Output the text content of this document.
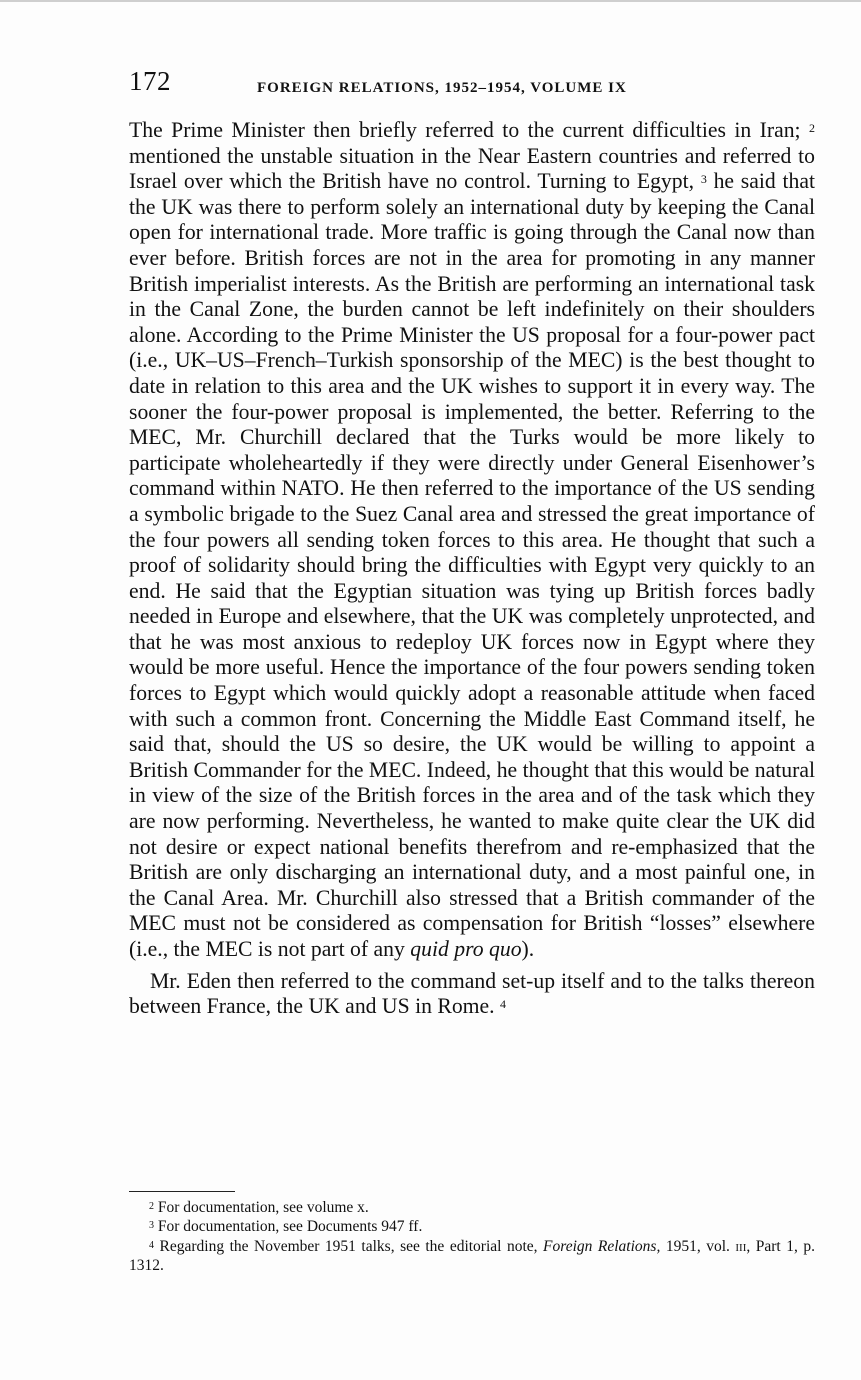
172	FOREIGN RELATIONS, 1952–1954, VOLUME IX

The Prime Minister then briefly referred to the current difficulties in Iran; $^2$ mentioned the unstable situation in the Near Eastern countries and referred to Israel over which the British have no control. Turning to Egypt, $^3$ he said that the UK was there to perform solely an international duty by keeping the Canal open for international trade. More traffic is going through the Canal now than ever before. British forces are not in the area for promoting in any manner British imperialist interests. As the British are performing an international task in the Canal Zone, the burden cannot be left indefinitely on their shoulders alone. According to the Prime Minister the US proposal for a four-power pact (i.e., UK–US–French–Turkish sponsorship of the MEC) is the best thought to date in relation to this area and the UK wishes to support it in every way. The sooner the four-power proposal is implemented, the better. Referring to the MEC, Mr. Churchill declared that the Turks would be more likely to participate wholeheartedly if they were directly under General Eisenhower’s command within NATO. He then referred to the importance of the US sending a symbolic brigade to the Suez Canal area and stressed the great importance of the four powers all sending token forces to this area. He thought that such a proof of solidarity should bring the difficulties with Egypt very quickly to an end. He said that the Egyptian situation was tying up British forces badly needed in Europe and elsewhere, that the UK was completely unprotected, and that he was most anxious to redeploy UK forces now in Egypt where they would be more useful. Hence the importance of the four powers sending token forces to Egypt which would quickly adopt a reasonable attitude when faced with such a common front. Concerning the Middle East Command itself, he said that, should the US so desire, the UK would be willing to appoint a British Commander for the MEC. Indeed, he thought that this would be natural in view of the size of the British forces in the area and of the task which they are now performing. Nevertheless, he wanted to make quite clear the UK did not desire or expect national benefits therefrom and re-emphasized that the British are only discharging an international duty, and a most painful one, in the Canal Area. Mr. Churchill also stressed that a British commander of the MEC must not be considered as compensation for British “losses” elsewhere (i.e., the MEC is not part of any quid pro quo).

Mr. Eden then referred to the command set-up itself and to the talks thereon between France, the UK and US in Rome. $^4$

$^2$ For documentation, see volume x.

$^3$ For documentation, see Documents 947 ff.

$^4$ Regarding the November 1951 talks, see the editorial note, Foreign Relations, 1951, vol. iii, Part 1, p. 1312.
